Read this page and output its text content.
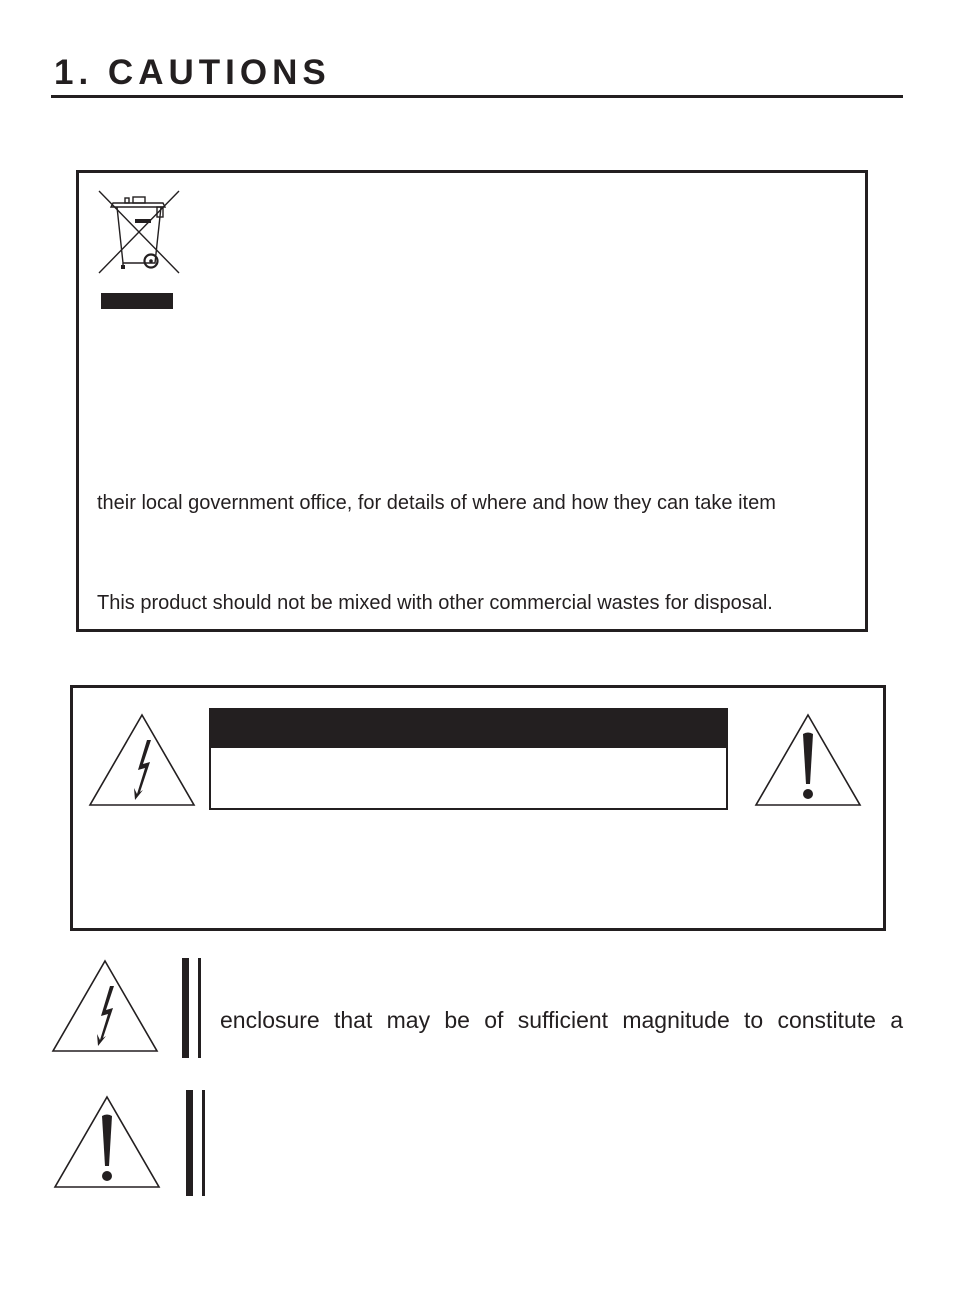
1. CAUTIONS

their local government office, for details of where and how they can take item

This product should not be mixed with other commercial wastes for disposal.

enclosure that may be of sufficient magnitude to constitute a
